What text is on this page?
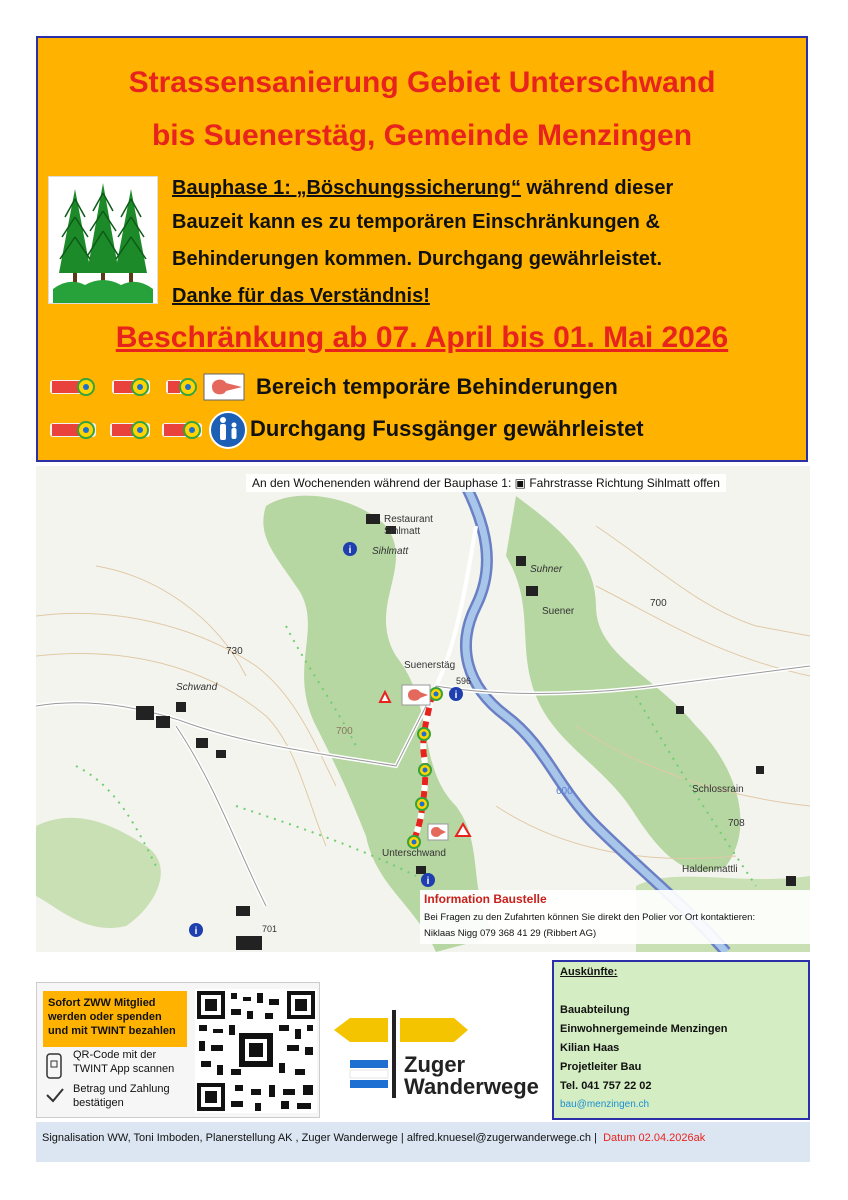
Strassensanierung Gebiet Unterschwand
bis Suenerstäg, Gemeinde Menzingen
Bauphase 1: „Böschungssicherung“ während dieser
Bauzeit kann es zu temporären Einschränkungen &
Behinderungen kommen. Durchgang gewährleistet.
Danke für das Verständnis!
Beschränkung ab 07. April bis 01. Mai 2026
Bereich temporäre Behinderungen
Durchgang Fussgänger gewährleistet
i
i
i
i
An den Wochenenden während der Bauphase 1: ▣ Fahrstrasse Richtung Sihlmatt offen
Restaurant
Sihlmatt
Sihlmatt
Suhner
Suener
700
730
Schwand
Suenerstäg
596
Schlossrain
708
600
700
Unterschwand
Haldenmattli
701
Information Baustelle
Bei Fragen zu den Zufahrten können Sie direkt den Polier vor Ort kontaktieren:
Niklaas Nigg 079 368 41 29 (Ribbert AG)
Sofort ZWW Mitglied
werden oder spenden
und mit TWINT bezahlen
QR-Code mit der
TWINT App scannen
Betrag und Zahlung
bestätigen
Zuger
Wanderwege
Auskünfte:
Bauabteilung
Einwohnergemeinde Menzingen
Kilian Haas
Projetleiter Bau
Tel. 041 757 22 02
bau@menzingen.ch
Signalisation WW, Toni Imboden, Planerstellung AK , Zuger Wanderwege | alfred.knuesel@zugerwanderwege.ch | Datum 02.04.2026ak
